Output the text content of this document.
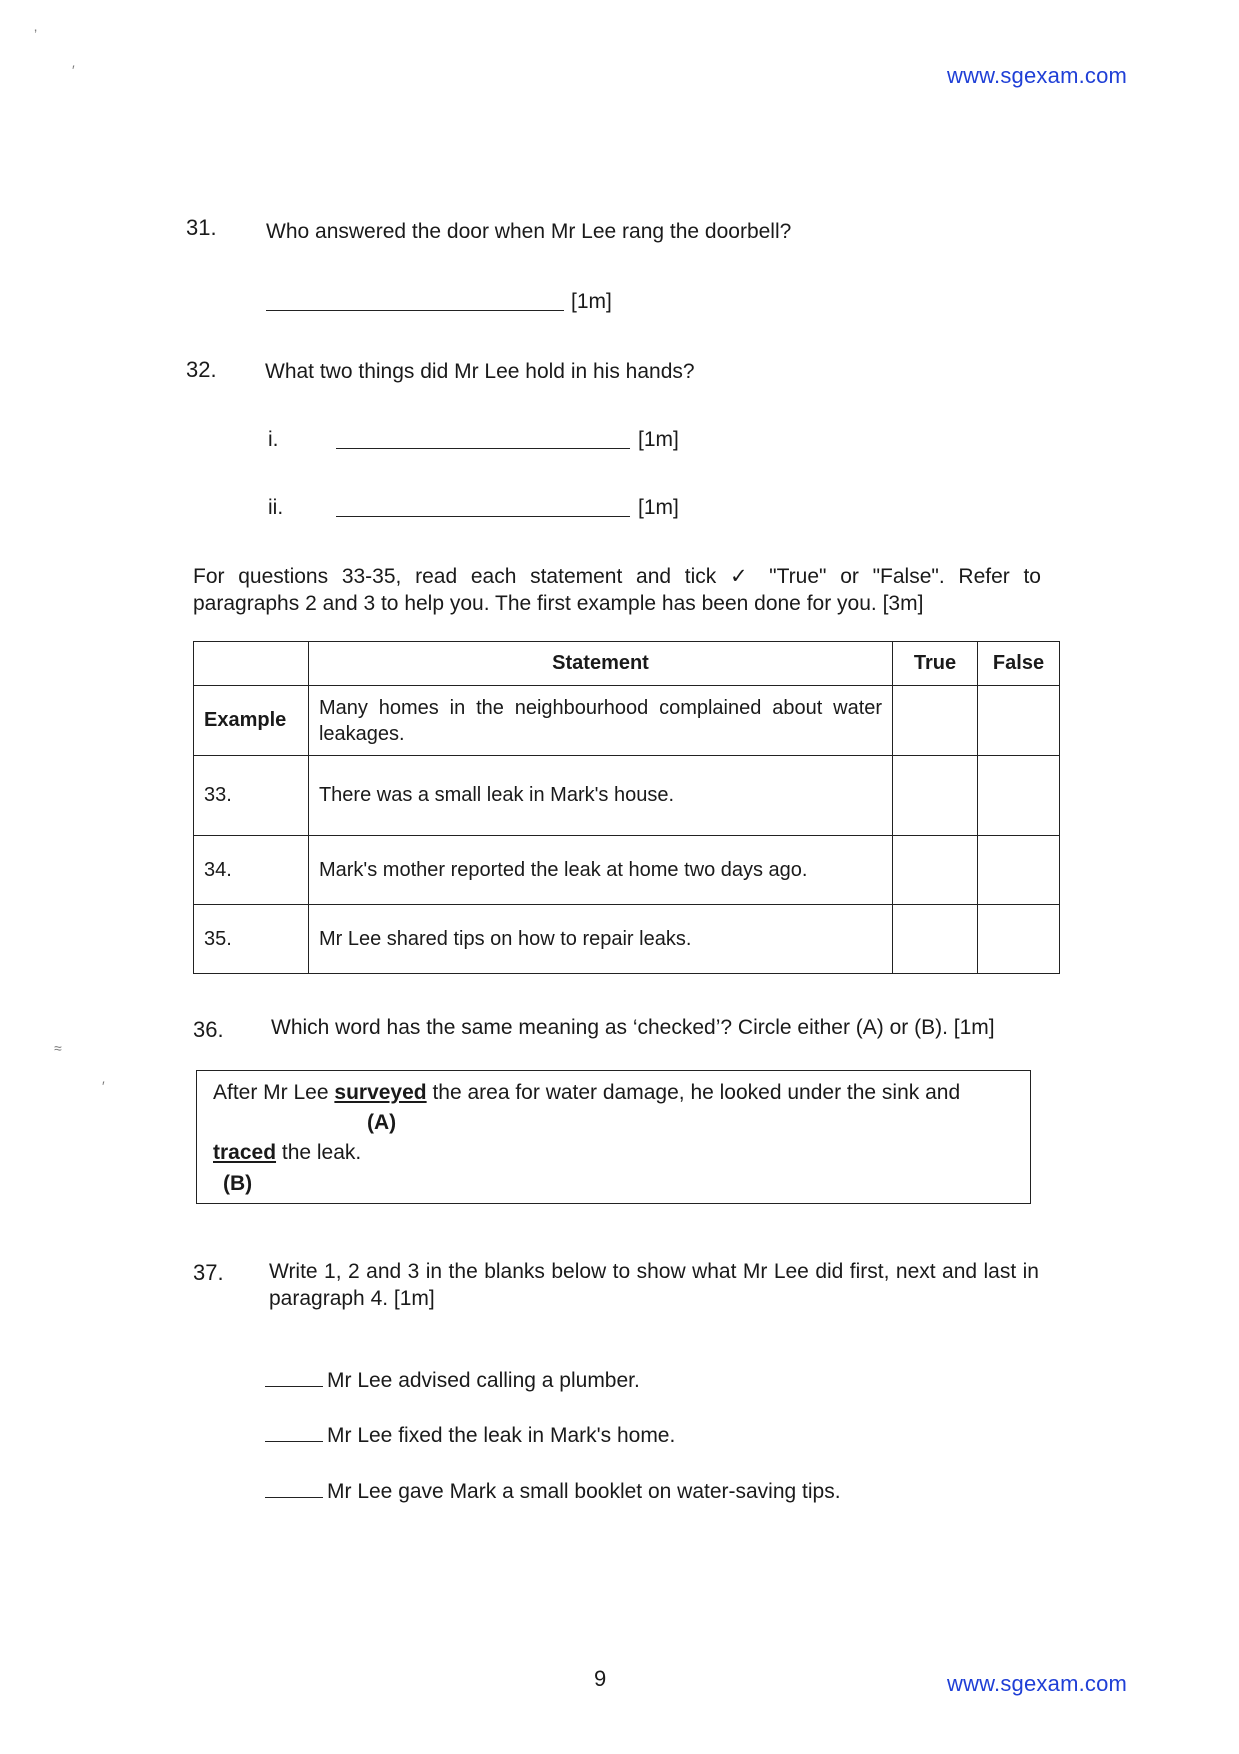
www.sgexam.com
’
′
≈
′
31. Who answered the door when Mr Lee rang the doorbell?
[1m]
32. What two things did Mr Lee hold in his hands?
i.	[1m]
ii.	[1m]
For questions 33-35, read each statement and tick ✓ "True" or "False". Refer to paragraphs 2 and 3 to help you. The first example has been done for you. [3m]
	Statement	True	False
Example	Many homes in the neighbourhood complained about water leakages.		
33.	There was a small leak in Mark's house.		
34.	Mark's mother reported the leak at home two days ago.		
35.	Mr Lee shared tips on how to repair leaks.		
36. Which word has the same meaning as ‘checked’? Circle either (A) or (B). [1m]
After Mr Lee surveyed the area for water damage, he looked under the sink and
(A)
traced the leak.
(B)
37. Write 1, 2 and 3 in the blanks below to show what Mr Lee did first, next and last in paragraph 4. [1m]
Mr Lee advised calling a plumber.
Mr Lee fixed the leak in Mark's home.
Mr Lee gave Mark a small booklet on water-saving tips.
9	www.sgexam.com
